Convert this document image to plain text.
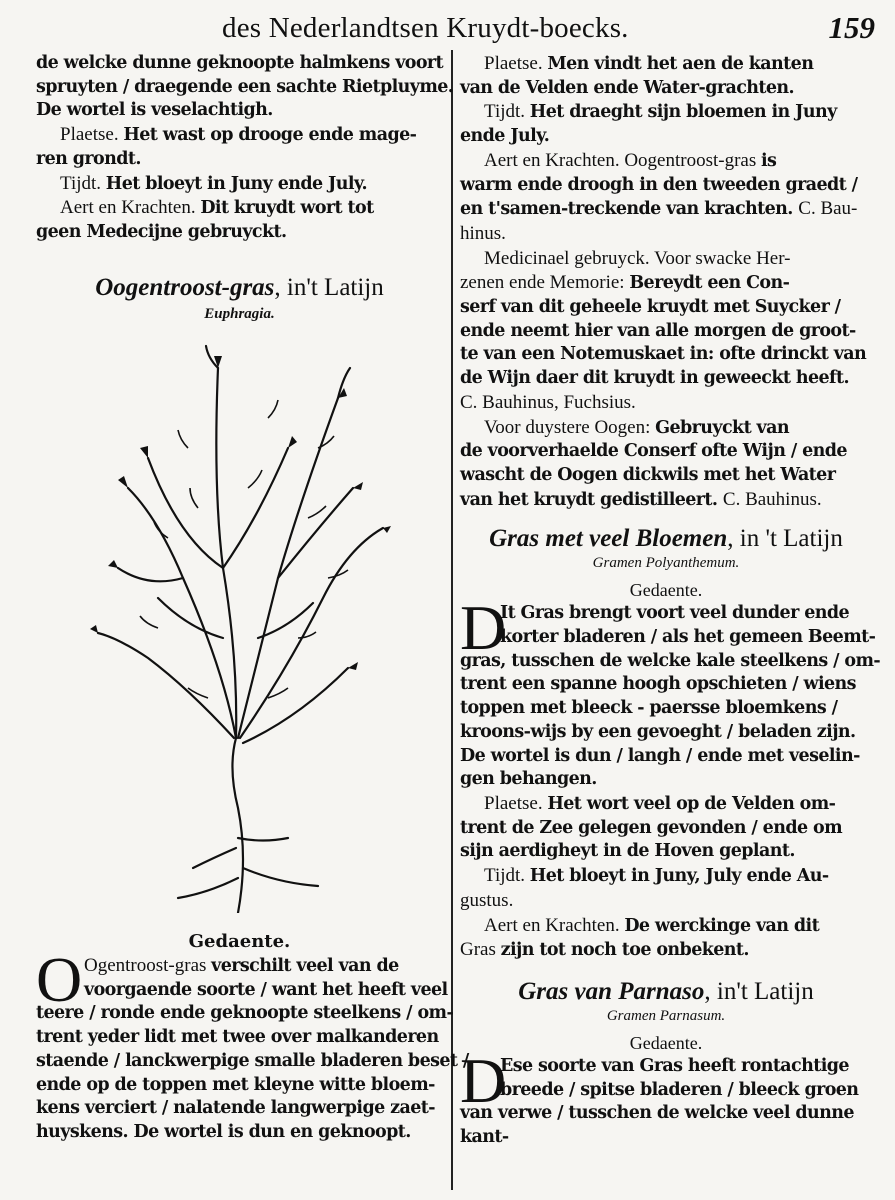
des Nederlandtsen Kruydt-boecks.	159
de welcke dunne geknoopte halmkens voort
spruyten / draegende een sachte Rietpluyme.
De wortel is veselachtigh.
Plaetse. Het wast op drooge ende mage-
ren grondt.
Tijdt. Het bloeyt in Juny ende July.
Aert en Krachten. Dit kruydt wort tot
geen Medecijne gebruyckt.
Oogentroost-gras, in't Latijn
Euphragia.
Gedaente.
O Ogentroost-gras verschilt veel van de
voorgaende soorte / want het heeft veel
teere / ronde ende geknoopte steelkens / om-
trent yeder lidt met twee over malkanderen
staende / lanckwerpige smalle bladeren beset /
ende op de toppen met kleyne witte bloem-
kens verciert / nalatende langwerpige zaet-
huyskens. De wortel is dun en geknoopt.
Plaetse. Men vindt het aen de kanten
van de Velden ende Water-grachten.
Tijdt. Het draeght sijn bloemen in Juny
ende July.
Aert en Krachten. Oogentroost-gras is
warm ende droogh in den tweeden graedt /
en t'samen-treckende van krachten. C. Bau-
hinus.
Medicinael gebruyck. Voor swacke Her-
zenen ende Memorie: Bereydt een Con-
serf van dit geheele kruydt met Suycker /
ende neemt hier van alle morgen de groot-
te van een Notemuskaet in: ofte drinckt van
de Wijn daer dit kruydt in geweeckt heeft.
C. Bauhinus, Fuchsius.
Voor duystere Oogen: Gebruyckt van
de voorverhaelde Conserf ofte Wijn / ende
wascht de Oogen dickwils met het Water
van het kruydt gedistilleert. C. Bauhinus.
Gras met veel Bloemen, in 't Latijn
Gramen Polyanthemum.
Gedaente.
D
It Gras brengt voort veel dunder ende
korter bladeren / als het gemeen Beemt-
gras, tusschen de welcke kale steelkens / om-
trent een spanne hoogh opschieten / wiens
toppen met bleeck - paersse bloemkens /
kroons-wijs by een gevoeght / beladen zijn.
De wortel is dun / langh / ende met veselin-
gen behangen.
Plaetse. Het wort veel op de Velden om-
trent de Zee gelegen gevonden / ende om
sijn aerdigheyt in de Hoven geplant.
Tijdt. Het bloeyt in Juny, July ende Au-
gustus.
Aert en Krachten. De werckinge van dit
Gras zijn tot noch toe onbekent.
Gras van Parnaso, in't Latijn
Gramen Parnasum.
Gedaente.
D
Ese soorte van Gras heeft rontachtige
breede / spitse bladeren / bleeck groen
van verwe / tusschen de welcke veel dunne
kant-
